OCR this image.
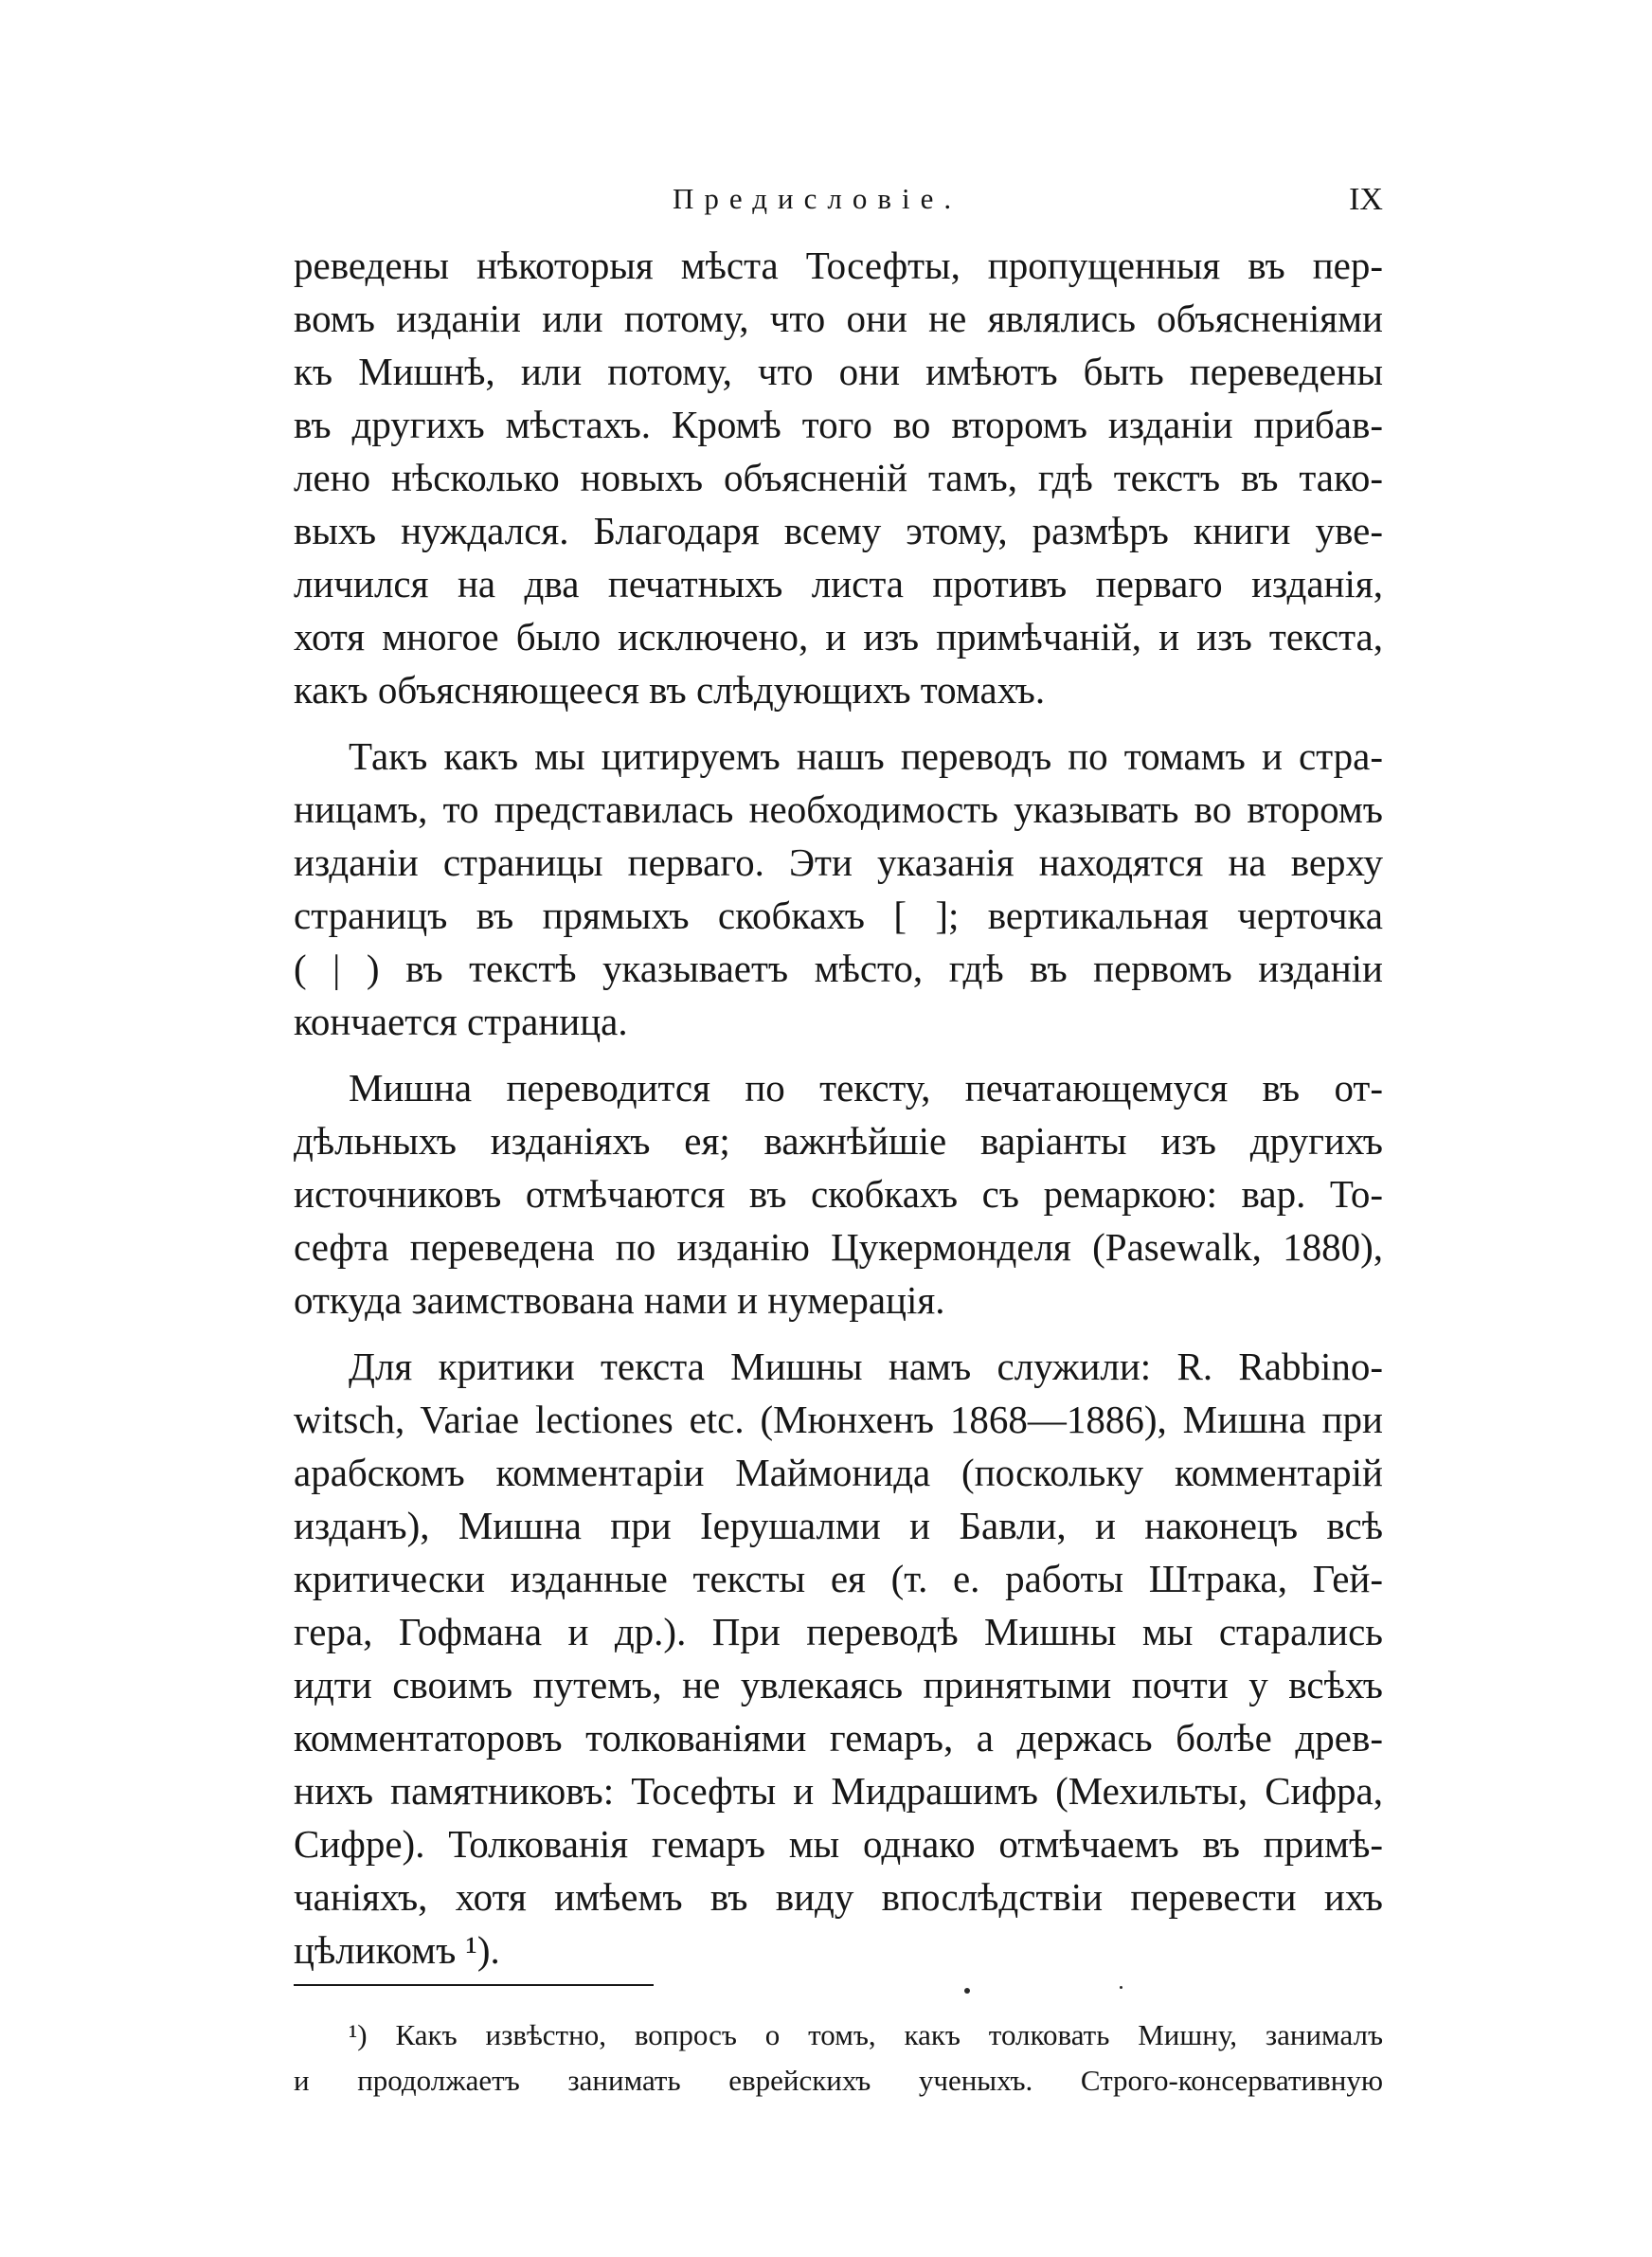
Предисловіе.	IX
реведены нѣкоторыя мѣста Тосефты, пропущенныя въ пер-
вомъ изданіи или потому, что они не являлись объясненіями
къ Мишнѣ, или потому, что они имѣютъ быть переведены
въ другихъ мѣстахъ. Кромѣ того во второмъ изданіи прибав-
лено нѣсколько новыхъ объясненій тамъ, гдѣ текстъ въ тако-
выхъ нуждался. Благодаря всему этому, размѣръ книги уве-
личился на два печатныхъ листа противъ перваго изданія,
хотя многое было исключено, и изъ примѣчаній, и изъ текста,
какъ объясняющееся въ слѣдующихъ томахъ.
Такъ какъ мы цитируемъ нашъ переводъ по томамъ и стра-
ницамъ, то представилась необходимость указывать во второмъ
изданіи страницы перваго. Эти указанія находятся на верху
страницъ въ прямыхъ скобкахъ [ ]; вертикальная черточка
( | ) въ текстѣ указываетъ мѣсто, гдѣ въ первомъ изданіи
кончается страница.
Мишна переводится по тексту, печатающемуся въ от-
дѣльныхъ изданіяхъ ея; важнѣйшіе варіанты изъ другихъ
источниковъ отмѣчаются въ скобкахъ съ ремаркою: вар. То-
сефта переведена по изданію Цукермонделя (Pasewalk, 1880),
откуда заимствована нами и нумерація.
Для критики текста Мишны намъ служили: R. Rabbino-
witsch, Variae lectiones etc. (Мюнхенъ 1868—1886), Мишна при
арабскомъ комментаріи Маймонида (поскольку комментарій
изданъ), Мишна при Іерушалми и Бавли, и наконецъ всѣ
критически изданные тексты ея (т. е. работы Штрака, Гей-
гера, Гофмана и др.). При переводѣ Мишны мы старались
идти своимъ путемъ, не увлекаясь принятыми почти у всѣхъ
комментаторовъ толкованіями гемаръ, а держась болѣе древ-
нихъ памятниковъ: Тосефты и Мидрашимъ (Мехильты, Сифра,
Сифре). Толкованія гемаръ мы однако отмѣчаемъ въ примѣ-
чаніяхъ, хотя имѣемъ въ виду впослѣдствіи перевести ихъ
цѣликомъ ¹).
¹) Какъ извѣстно, вопросъ о томъ, какъ толковать Мишну, занималъ
и продолжаетъ занимать еврейскихъ ученыхъ. Строго-консервативную
